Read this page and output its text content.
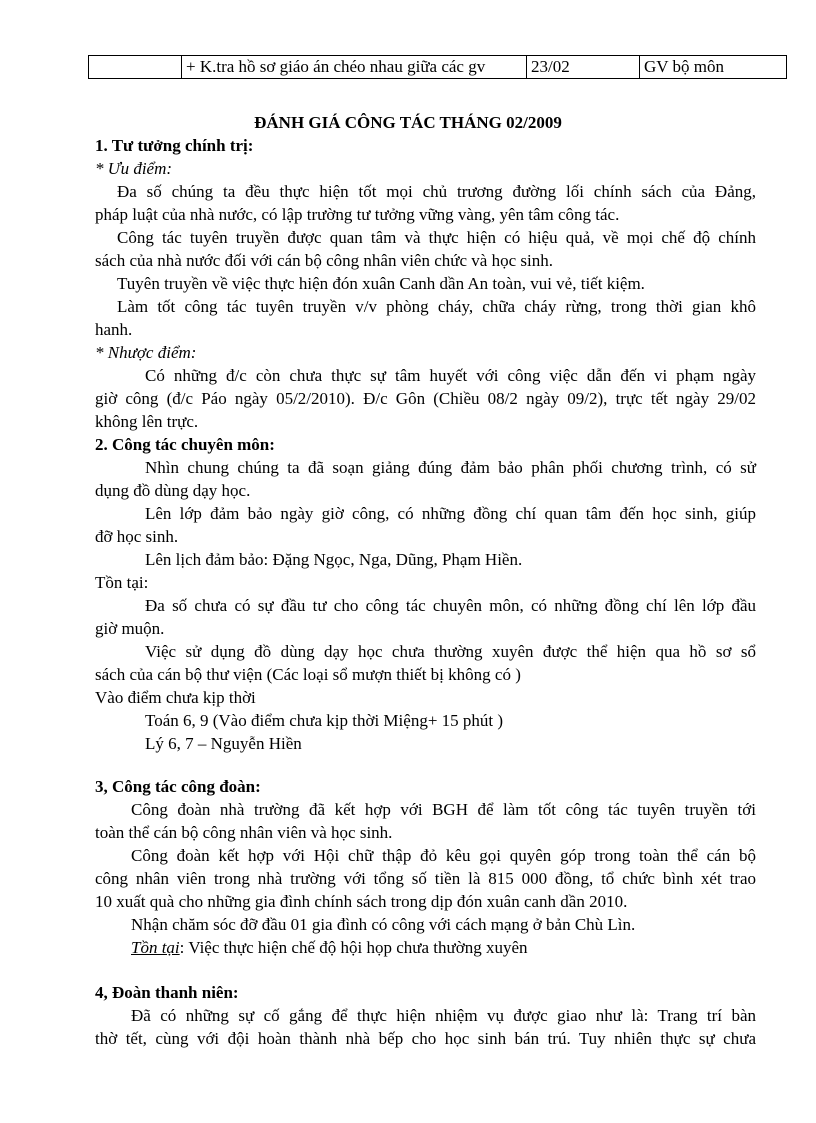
	+ K.tra hồ sơ giáo án chéo nhau giữa các gv	23/02	GV bộ môn
ĐÁNH GIÁ CÔNG TÁC THÁNG 02/2009
1. Tư tưởng chính trị:
* Ưu điểm:
Đa số chúng ta đều thực hiện tốt mọi chủ trương đường lối chính sách của Đảng,
pháp luật của nhà nước, có lập trường tư tưởng vững vàng, yên tâm công tác.
Công tác tuyên truyền được quan tâm và thực hiện có hiệu quả, về mọi chế độ chính
sách của nhà nước đối với cán bộ công nhân viên chức và học sinh.
Tuyên truyền về việc thực hiện đón xuân Canh dần An toàn, vui vẻ, tiết kiệm.
Làm tốt công tác tuyên truyền v/v phòng cháy, chữa cháy rừng, trong thời gian khô
hanh.
* Nhược điểm:
Có những đ/c còn chưa thực sự tâm huyết với công việc dẫn đến vi phạm ngày
giờ công (đ/c Páo ngày 05/2/2010). Đ/c Gôn (Chiều 08/2 ngày 09/2), trực tết ngày 29/02
không lên trực.
2. Công tác chuyên môn:
Nhìn chung chúng ta đã soạn giảng đúng đảm bảo phân phối chương trình, có sử
dụng đồ dùng dạy học.
Lên lớp đảm bảo ngày giờ công, có những đồng chí quan tâm đến học sinh, giúp
đỡ học sinh.
Lên lịch đảm bảo: Đặng Ngọc, Nga, Dũng, Phạm Hiền.
Tồn tại:
Đa số chưa có sự đầu tư cho công tác chuyên môn, có những đồng chí lên lớp đầu
giờ muộn.
Việc sử dụng đồ dùng dạy học chưa thường xuyên được thể hiện qua hồ sơ sổ
sách của cán bộ thư viện (Các loại sổ mượn thiết bị không có )
Vào điểm chưa kịp thời
Toán 6, 9 (Vào điểm chưa kịp thời Miệng+ 15 phút )
Lý 6, 7 – Nguyễn Hiền
3, Công tác công đoàn:
Công đoàn nhà trường đã kết hợp với BGH để làm tốt công tác tuyên truyền tới
toàn thể cán bộ công nhân viên và học sinh.
Công đoàn kết hợp với Hội chữ thập đỏ kêu gọi quyên góp trong toàn thể cán bộ
công nhân viên trong nhà trường với tổng số tiền là 815 000 đồng, tổ chức bình xét trao
10 xuất quà cho những gia đình chính sách trong dịp đón xuân canh dần 2010.
Nhận chăm sóc đỡ đầu 01 gia đình có công với cách mạng ở bản Chù Lìn.
Tồn tại: Việc thực hiện chế độ hội họp chưa thường xuyên
4, Đoàn thanh niên:
Đã có những sự cố gắng để thực hiện nhiệm vụ được giao như là: Trang trí bàn
thờ tết, cùng với đội hoàn thành nhà bếp cho học sinh bán trú. Tuy nhiên thực sự chưa
